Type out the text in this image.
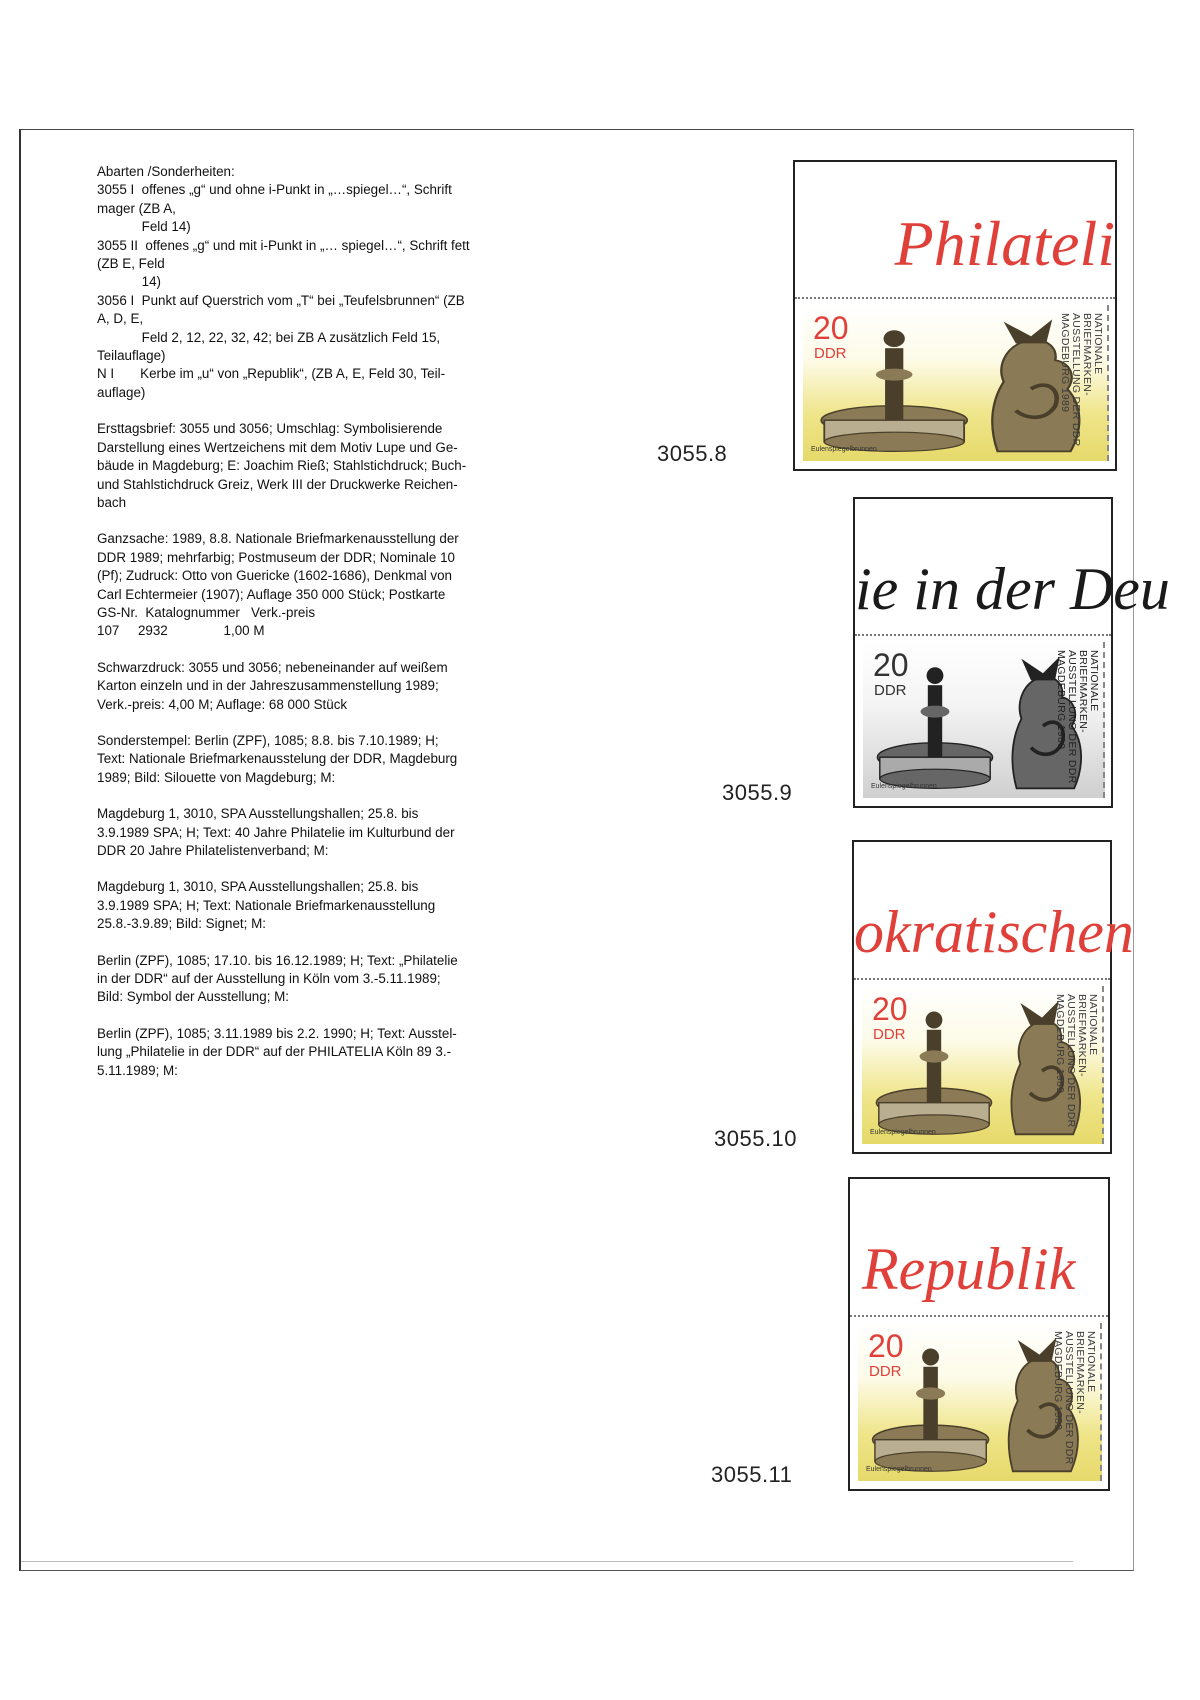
Abarten /Sonderheiten:
3055 I  offenes „g“ und ohne i-Punkt in „…spiegel…“, Schrift
mager (ZB A,
Feld 14)
3055 II  offenes „g“ und mit i-Punkt in „… spiegel…“, Schrift fett
(ZB E, Feld
14)
3056 I  Punkt auf Querstrich vom „T“ bei „Teufelsbrunnen“ (ZB
A, D, E,
Feld 2, 12, 22, 32, 42; bei ZB A zusätzlich Feld 15,
Teilauflage)
N I       Kerbe im „u“ von „Republik“, (ZB A, E, Feld 30, Teil-
auflage)
Ersttagsbrief: 3055 und 3056; Umschlag: Symbolisierende
Darstellung eines Wertzeichens mit dem Motiv Lupe und Ge-
bäude in Magdeburg; E: Joachim Rieß; Stahlstichdruck; Buch-
und Stahlstichdruck Greiz, Werk III der Druckwerke Reichen-
bach
Ganzsache: 1989, 8.8. Nationale Briefmarkenausstellung der
DDR 1989; mehrfarbig; Postmuseum der DDR; Nominale 10
(Pf); Zudruck: Otto von Guericke (1602-1686), Denkmal von
Carl Echtermeier (1907); Auflage 350 000 Stück; Postkarte
GS-Nr.  Katalognummer   Verk.-preis
107     2932               1,00 M
Schwarzdruck: 3055 und 3056; nebeneinander auf weißem
Karton einzeln und in der Jahreszusammenstellung 1989;
Verk.-preis: 4,00 M; Auflage: 68 000 Stück
Sonderstempel: Berlin (ZPF), 1085; 8.8. bis 7.10.1989; H;
Text: Nationale Briefmarkenausstelung der DDR, Magdeburg
1989; Bild: Silouette von Magdeburg; M:
Magdeburg 1, 3010, SPA Ausstellungshallen; 25.8. bis
3.9.1989 SPA; H; Text: 40 Jahre Philatelie im Kulturbund der
DDR 20 Jahre Philatelistenverband; M:
Magdeburg 1, 3010, SPA Ausstellungshallen; 25.8. bis
3.9.1989 SPA; H; Text: Nationale Briefmarkenausstellung
25.8.-3.9.89; Bild: Signet; M:
Berlin (ZPF), 1085; 17.10. bis 16.12.1989; H; Text: „Philatelie
in der DDR“ auf der Ausstellung in Köln vom 3.-5.11.1989;
Bild: Symbol der Ausstellung; M:
Berlin (ZPF), 1085; 3.11.1989 bis 2.2. 1990; H; Text: Ausstel-
lung „Philatelie in der DDR“ auf der PHILATELIA Köln 89 3.-
5.11.1989; M:
Philateli
20
DDR	NATIONALE BRIEFMARKEN-AUSSTELLUNG DER DDR MAGDEBURG 1989
Eulenspiegelbrunnen
3055.8
ie in der Deu
20
DDR	NATIONALE BRIEFMARKEN-AUSSTELLUNG DER DDR MAGDEBURG 1989
Eulenspiegelbrunnen
3055.9
okratischen
20
DDR	NATIONALE BRIEFMARKEN-AUSSTELLUNG DER DDR MAGDEBURG 1989
Eulenspiegelbrunnen
3055.10
Republik
20
DDR	NATIONALE BRIEFMARKEN-AUSSTELLUNG DER DDR MAGDEBURG 1989
Eulenspiegelbrunnen
3055.11
